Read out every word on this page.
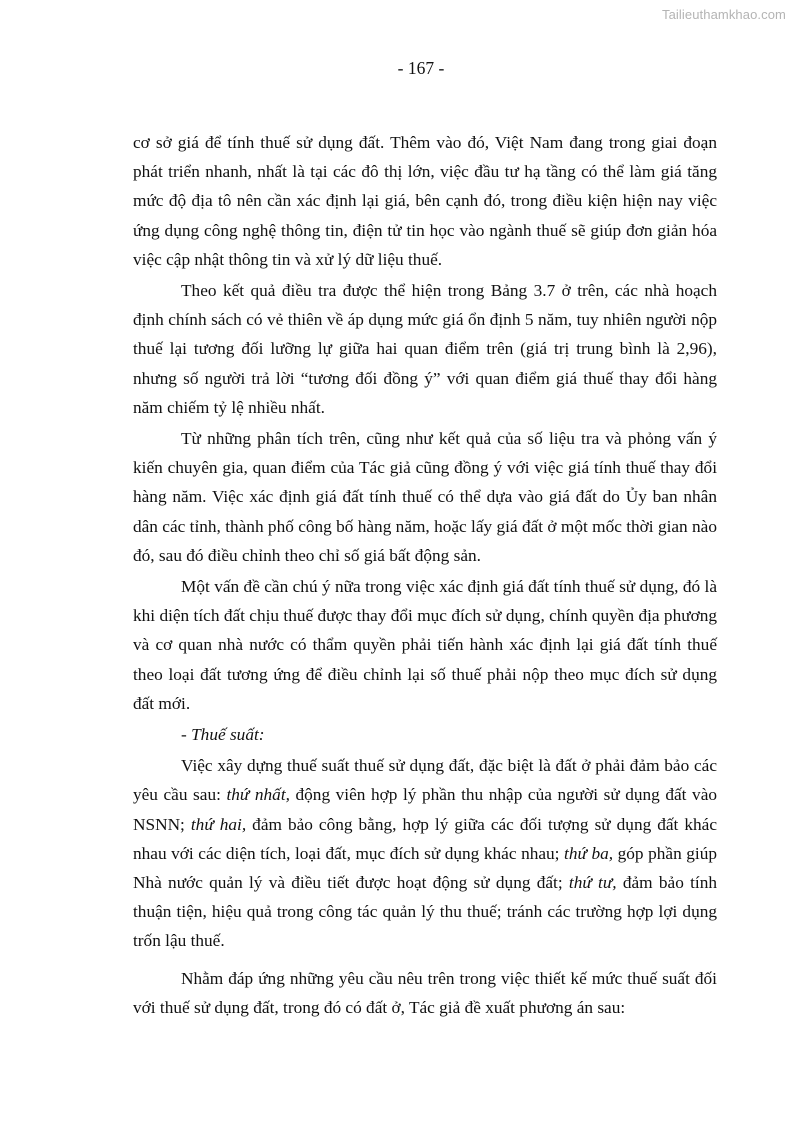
Tailieuthamkhao.com
- 167 -

cơ sở giá để tính thuế sử dụng đất. Thêm vào đó, Việt Nam đang trong giai đoạn phát triển nhanh, nhất là tại các đô thị lớn, việc đầu tư hạ tầng có thể làm giá tăng mức độ địa tô nên cần xác định lại giá, bên cạnh đó, trong điều kiện hiện nay việc ứng dụng công nghệ thông tin, điện tử tin học vào ngành thuế sẽ giúp đơn giản hóa việc cập nhật thông tin và xử lý dữ liệu thuế.

Theo kết quả điều tra được thể hiện trong Bảng 3.7 ở trên, các nhà hoạch định chính sách có vẻ thiên về áp dụng mức giá ổn định 5 năm, tuy nhiên người nộp thuế lại tương đối lưỡng lự giữa hai quan điểm trên (giá trị trung bình là 2,96), nhưng số người trả lời “tương đối đồng ý” với quan điểm giá thuế thay đổi hàng năm chiếm tỷ lệ nhiều nhất.

Từ những phân tích trên, cũng như kết quả của số liệu tra và phỏng vấn ý kiến chuyên gia, quan điểm của Tác giả cũng đồng ý với việc giá tính thuế thay đổi hàng năm. Việc xác định giá đất tính thuế có thể dựa vào giá đất do Ủy ban nhân dân các tỉnh, thành phố công bố hàng năm, hoặc lấy giá đất ở một mốc thời gian nào đó, sau đó điều chỉnh theo chỉ số giá bất động sản.

Một vấn đề cần chú ý nữa trong việc xác định giá đất tính thuế sử dụng, đó là khi diện tích đất chịu thuế được thay đổi mục đích sử dụng, chính quyền địa phương và cơ quan nhà nước có thẩm quyền phải tiến hành xác định lại giá đất tính thuế theo loại đất tương ứng để điều chỉnh lại số thuế phải nộp theo mục đích sử dụng đất mới.

- Thuế suất:

Việc xây dựng thuế suất thuế sử dụng đất, đặc biệt là đất ở phải đảm bảo các yêu cầu sau: thứ nhất, động viên hợp lý phần thu nhập của người sử dụng đất vào NSNN; thứ hai, đảm bảo công bằng, hợp lý giữa các đối tượng sử dụng đất khác nhau với các diện tích, loại đất, mục đích sử dụng khác nhau; thứ ba, góp phần giúp Nhà nước quản lý và điều tiết được hoạt động sử dụng đất; thứ tư, đảm bảo tính thuận tiện, hiệu quả trong công tác quản lý thu thuế; tránh các trường hợp lợi dụng trốn lậu thuế.

Nhằm đáp ứng những yêu cầu nêu trên trong việc thiết kế mức thuế suất đối với thuế sử dụng đất, trong đó có đất ở, Tác giả đề xuất phương án sau:
